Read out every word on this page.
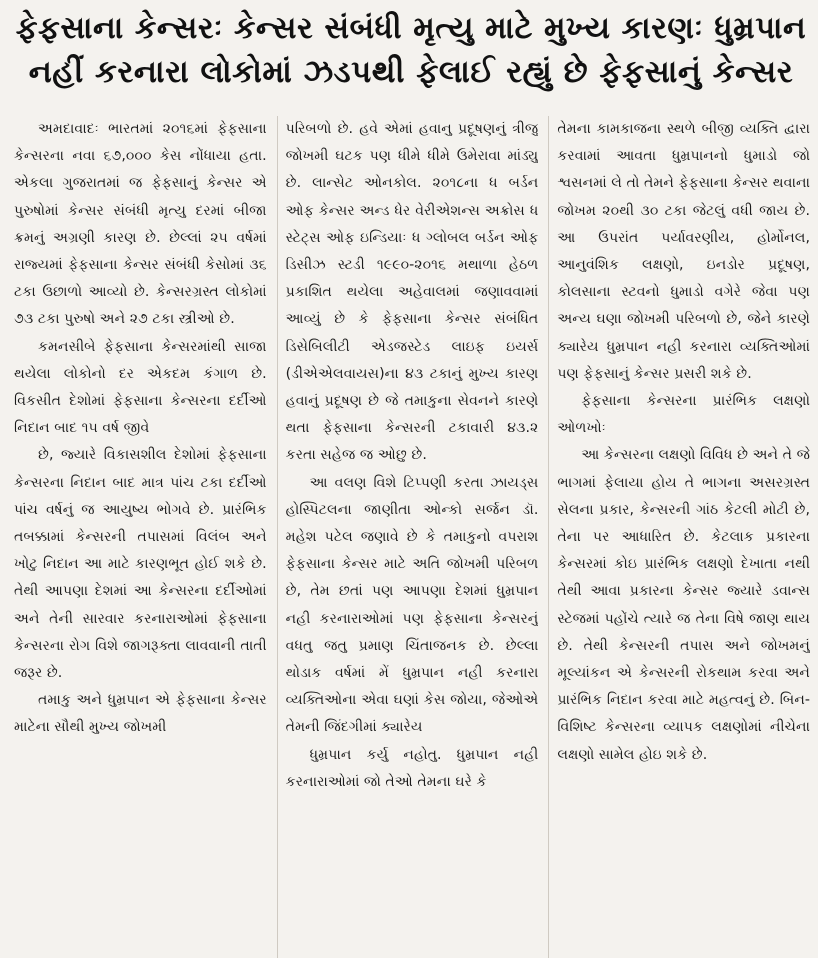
ફેફસાના કેન્સરઃ કેન્સર સંબંધી મૃત્યુ માટે મુખ્ય કારણઃ ધુમ્રપાન
નહીં કરનારા લોકોમાં ઝડપથી ફેલાઈ રહ્યું છે ફેફસાનું કેન્સર

અમદાવાદઃ ભારતમાં ૨૦૧૬માં ફેફસાના કેન્સરના નવા ૬૭,૦૦૦ કેસ નોંધાયા હતા. એકલા ગુજરાતમાં જ ફેફસાનું કેન્સર એ પુરુષોમાં કેન્સર સંબંધી મૃત્યુ દરમાં બીજા ક્રમનું અગ્રણી કારણ છે. છેલ્લાં ૨૫ વર્ષમાં રાજ્યમાં ફેફસાના કેન્સર સંબંધી કેસોમાં ૩૬ ટકા ઉછાળો આવ્યો છે. કેન્સરગ્રસ્ત લોકોમાં ૭૩ ટકા પુરુષો અને ૨૭ ટકા સ્ત્રીઓ છે.

કમનસીબે ફેફસાના કેન્સરમાંથી સાજા થયેલા લોકોનો દર એકદમ કંગાળ છે. વિકસીત દેશોમાં ફેફસાના કેન્સરના દર્દીઓ નિદાન બાદ ૧૫ વર્ષ જીવે

છે, જ્યારે વિકાસશીલ દેશોમાં ફેફસાના કેન્સરના નિદાન બાદ માત્ર પાંચ ટકા દર્દીઓ પાંચ વર્ષનું જ આયુષ્ય ભોગવે છે. પ્રારંભિક તબક્કામાં કેન્સરની તપાસમાં વિલંબ અને ખોટુ નિદાન આ માટે કારણભૂત હોઈ શકે છે. તેથી આપણા દેશમાં આ કેન્સરના દર્દીઓમાં અને તેની સારવાર કરનારાઓમાં ફેફસાના કેન્સરના રોગ વિશે જાગરૂક્તા લાવવાની તાતી જરૂર છે.

તમાકુ અને ધુમ્રપાન એ ફેફસાના કેન્સર માટેના સૌથી મુખ્ય જોખમી

પરિબળો છે. હવે એમાં હવાનુ પ્રદૂષણનું ત્રીજુ જોખમી ઘટક પણ ધીમે ધીમે ઉમેરાવા માંડ્યુ છે. લાન્સેટ ઓનકોલ. ૨૦૧૮ના ધ બર્ડન ઓફ કેન્સર અન્ડ ધેર વેરીએશન્સ અક્રોસ ધ સ્ટેટ્સ ઓફ ઇન્ડિયાઃ ધ ગ્લોબલ બર્ડન ઓફ ડિસીઝ સ્ટડી ૧૯૯૦-૨૦૧૬ મથાળા હેઠળ પ્રકાશિત થયેલા અહેવાલમાં જણાવવામાં આવ્યું છે કે ફેફસાના કેન્સર સંબંધિત ડિસેબિલીટી એડજસ્ટેડ લાઇફ ઇયર્સ (ડીએએલવાયસ)ના ૪૩ ટકાનું મુખ્ય કારણ હવાનું પ્રદૂષણ છે જે તમાકુના સેવનને કારણે થતા ફેફસાના કેન્સરની ટકાવારી ૪૩.૨ કરતા સહેજ જ ઓછુ છે.

આ વલણ વિશે ટિપ્પણી કરતા ઝાયડ્સ હોસ્પિટલના જાણીતા ઓન્કો સર્જન ડૉ. મહેશ પટેલ જણાવે છે કે તમાકુનો વપરાશ ફેફસાના કેન્સર માટે અતિ જોખમી પરિબળ છે, તેમ છતાં પણ આપણા દેશમાં ધુમ્રપાન નહી કરનારાઓમાં પણ ફેફસાના કેન્સરનું વધતુ જતુ પ્રમાણ ચિંતાજનક છે. છેલ્લા થોડાક વર્ષમાં મેં ધુમ્રપાન નહી કરનારા વ્યક્તિઓના એવા ઘણાં કેસ જોયા, જેઓએ તેમની જિંદગીમાં ક્યારેય

ધુમ્રપાન કર્યુ નહોતુ. ધુમ્રપાન નહી કરનારાઓમાં જો તેઓ તેમના ઘરે કે

તેમના કામકાજના સ્થળે બીજી વ્યક્તિ દ્વારા કરવામાં આવતા ધુમ્રપાનનો ધુમાડો જો શ્વસનમાં લે તો તેમને ફેફસાના કેન્સર થવાના જોખમ ૨૦થી ૩૦ ટકા જેટલું વધી જાય છે. આ ઉપરાંત પર્યાવરણીય, હોર્મોનલ, આનુવંશિક લક્ષણો, ઇનડોર પ્રદૂષણ, કોલસાના સ્ટવનો ધુમાડો વગેરે જેવા પણ અન્ય ઘણા જોખમી પરિબળો છે, જેને કારણે ક્યારેય ધુમ્રપાન નહી કરનારા વ્યક્તિઓમાં પણ ફેફસાનું કેન્સર પ્રસરી શકે છે.

ફેફસાના કેન્સરના પ્રારંભિક લક્ષણો ઓળખોઃ

આ કેન્સરના લક્ષણો વિવિધ છે અને તે જે ભાગમાં ફેલાયા હોય તે ભાગના અસરગ્રસ્ત સેલના પ્રકાર, કેન્સરની ગાંઠ કેટલી મોટી છે, તેના પર આધારિત છે. કેટલાક પ્રકારના કેન્સરમાં કોઇ પ્રારંભિક લક્ષણો દેખાતા નથી તેથી આવા પ્રકારના કેન્સર જ્યારે ડવાન્સ સ્ટેજમાં પહોંચે ત્યારે જ તેના વિષે જાણ થાય છે. તેથી કેન્સરની તપાસ અને જોખમનું મૂલ્યાંકન એ કેન્સરની રોકથામ કરવા અને પ્રારંભિક નિદાન કરવા માટે મહત્વનું છે. બિન-વિશિષ્ટ કેન્સરના વ્યાપક લક્ષણોમાં નીચેના લક્ષણો સામેલ હોઇ શકે છે.
